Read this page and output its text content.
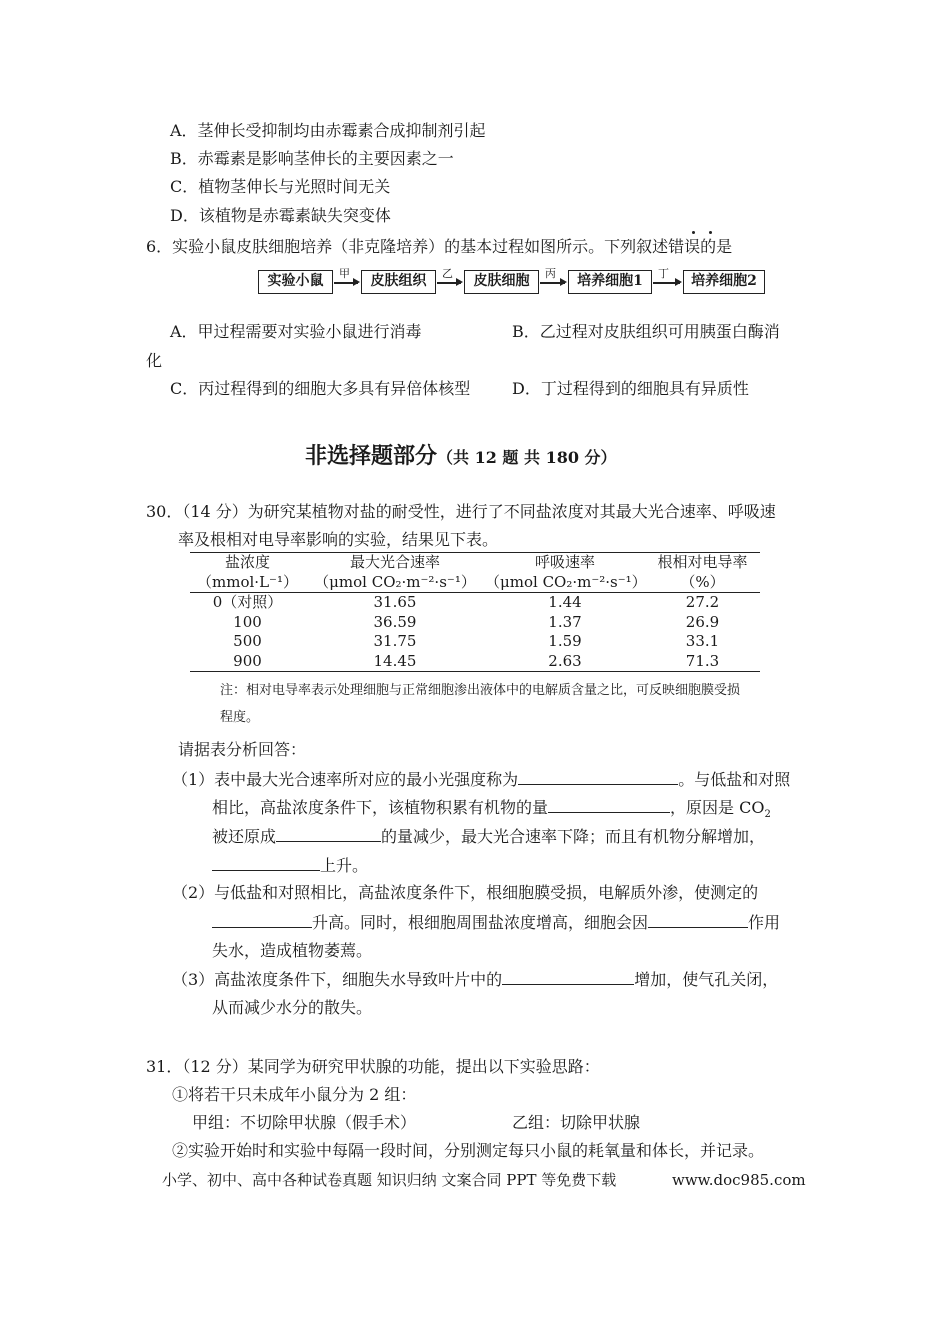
A．茎伸长受抑制均由赤霉素合成抑制剂引起
B．赤霉素是影响茎伸长的主要因素之一
C．植物茎伸长与光照时间无关
D．该植物是赤霉素缺失突变体
6．实验小鼠皮肤细胞培养（非克隆培养）的基本过程如图所示。下列叙述错误的是
实验小鼠	甲	皮肤组织	乙	皮肤细胞	丙	培养细胞1	丁	培养细胞2
A．甲过程需要对实验小鼠进行消毒	B．乙过程对皮肤组织可用胰蛋白酶消
化
C．丙过程得到的细胞大多具有异倍体核型	D．丁过程得到的细胞具有异质性
非选择题部分（共 12 题 共 180 分）
30．（14 分）为研究某植物对盐的耐受性，进行了不同盐浓度对其最大光合速率、呼吸速
率及根相对电导率影响的实验，结果见下表。
盐浓度	最大光合速率	呼吸速率	根相对电导率
（mmol·L⁻¹）	（μmol CO₂·m⁻²·s⁻¹）	（μmol CO₂·m⁻²·s⁻¹）	（%）
0（对照）	31.65	1.44	27.2
100	36.59	1.37	26.9
500	31.75	1.59	33.1
900	14.45	2.63	71.3
注：相对电导率表示处理细胞与正常细胞渗出液体中的电解质含量之比，可反映细胞膜受损
程度。
请据表分析回答：
（1）表中最大光合速率所对应的最小光强度称为	。与低盐和对照
相比，高盐浓度条件下，该植物积累有机物的量	，原因是 $CO_2$
被还原成	的量减少，最大光合速率下降；而且有机物分解增加，
上升。
（2）与低盐和对照相比，高盐浓度条件下，根细胞膜受损，电解质外渗，使测定的
升高。同时，根细胞周围盐浓度增高，细胞会因	作用
失水，造成植物萎蔫。
（3）高盐浓度条件下，细胞失水导致叶片中的	增加，使气孔关闭，
从而减少水分的散失。
31．（12 分）某同学为研究甲状腺的功能，提出以下实验思路：
①将若干只未成年小鼠分为 2 组：
甲组：不切除甲状腺（假手术）	乙组：切除甲状腺
②实验开始时和实验中每隔一段时间，分别测定每只小鼠的耗氧量和体长，并记录。
小学、初中、高中各种试卷真题 知识归纳 文案合同 PPT 等免费下载	www.doc985.com
